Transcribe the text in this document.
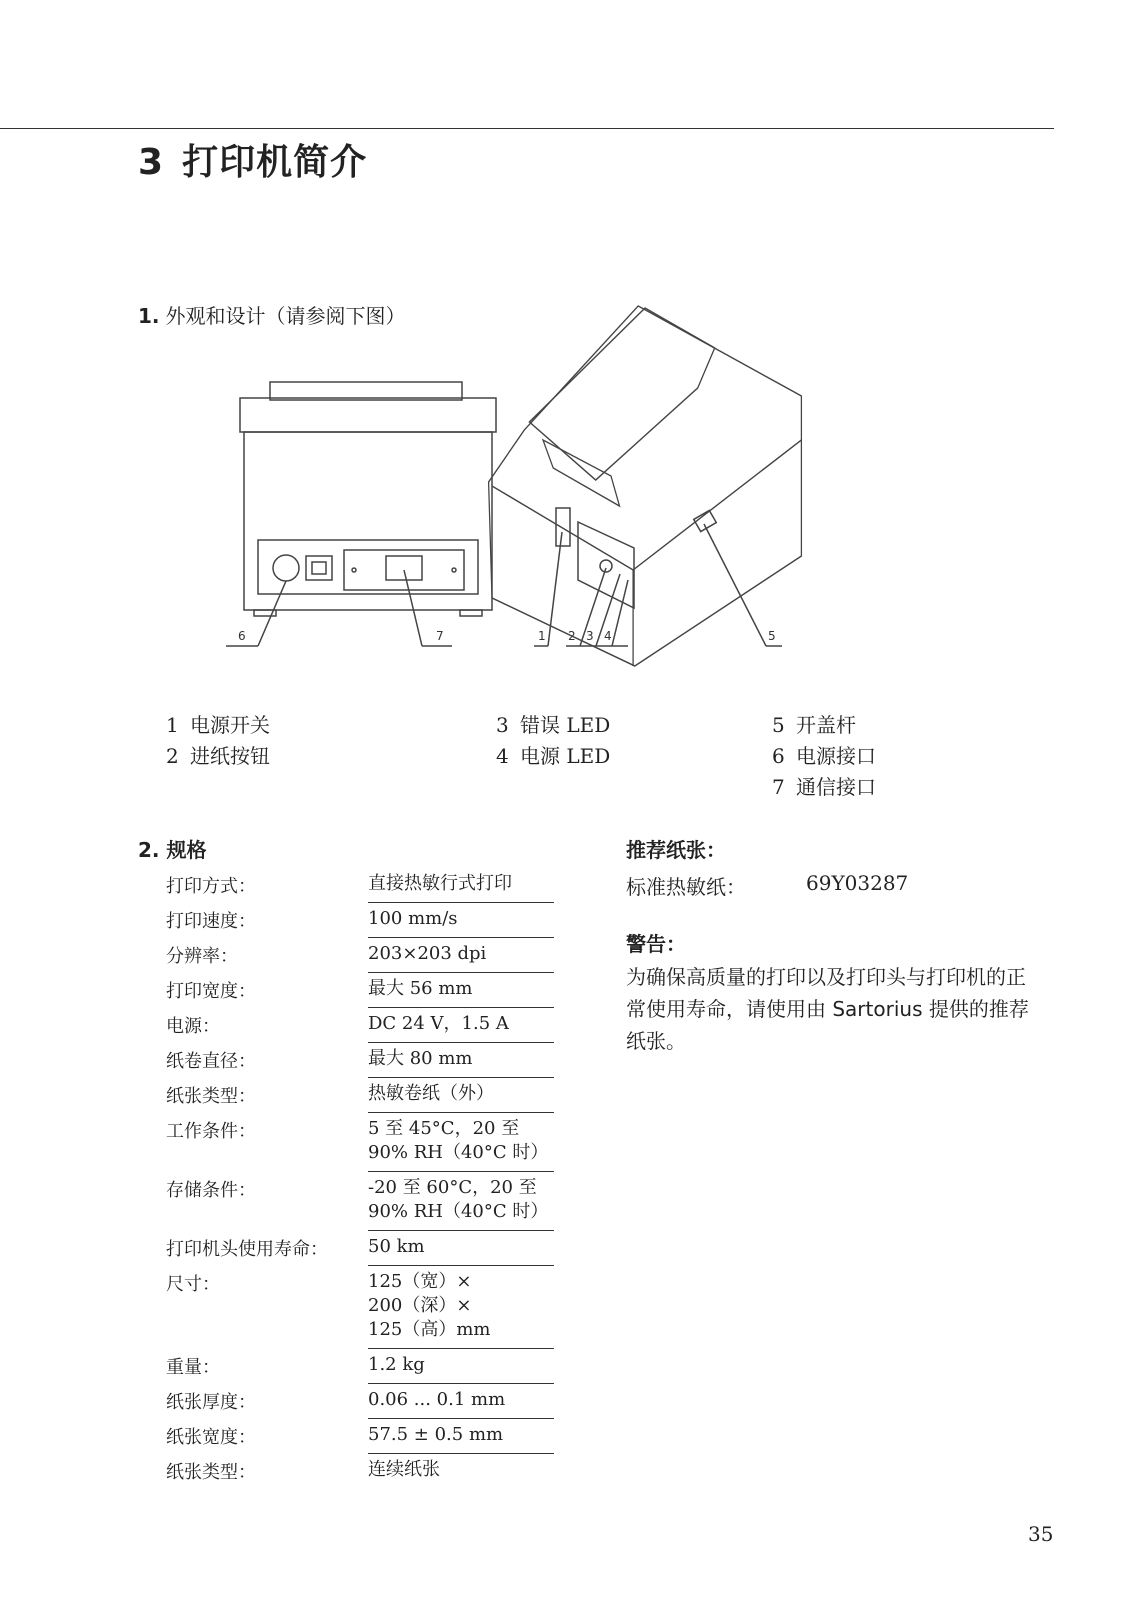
3 打印机简介
1. 外观和设计（请参阅下图）
6	7	1 2 3 4	5
1 电源开关
2 进纸按钮
3 错误 LED
4 电源 LED
5 开盖杆
6 电源接口
7 通信接口
2. 规格
打印方式：	直接热敏行式打印
打印速度：	100 mm/s
分辨率：	203×203 dpi
打印宽度：	最大 56 mm
电源：	DC 24 V，1.5 A
纸卷直径：	最大 80 mm
纸张类型：	热敏卷纸（外）
工作条件：	5 至 45°C，20 至
90% RH（40°C 时）
存储条件：	-20 至 60°C，20 至
90% RH（40°C 时）
打印机头使用寿命：	50 km
尺寸：	125（宽）×
200（深）×
125（高）mm
重量：	1.2 kg
纸张厚度：	0.06 ... 0.1 mm
纸张宽度：	57.5 ± 0.5 mm
纸张类型：	连续纸张
推荐纸张：
标准热敏纸：	69Y03287
警告：
为确保高质量的打印以及打印头与打印机的正常使用寿命，请使用由 Sartorius 提供的推荐纸张。
35
